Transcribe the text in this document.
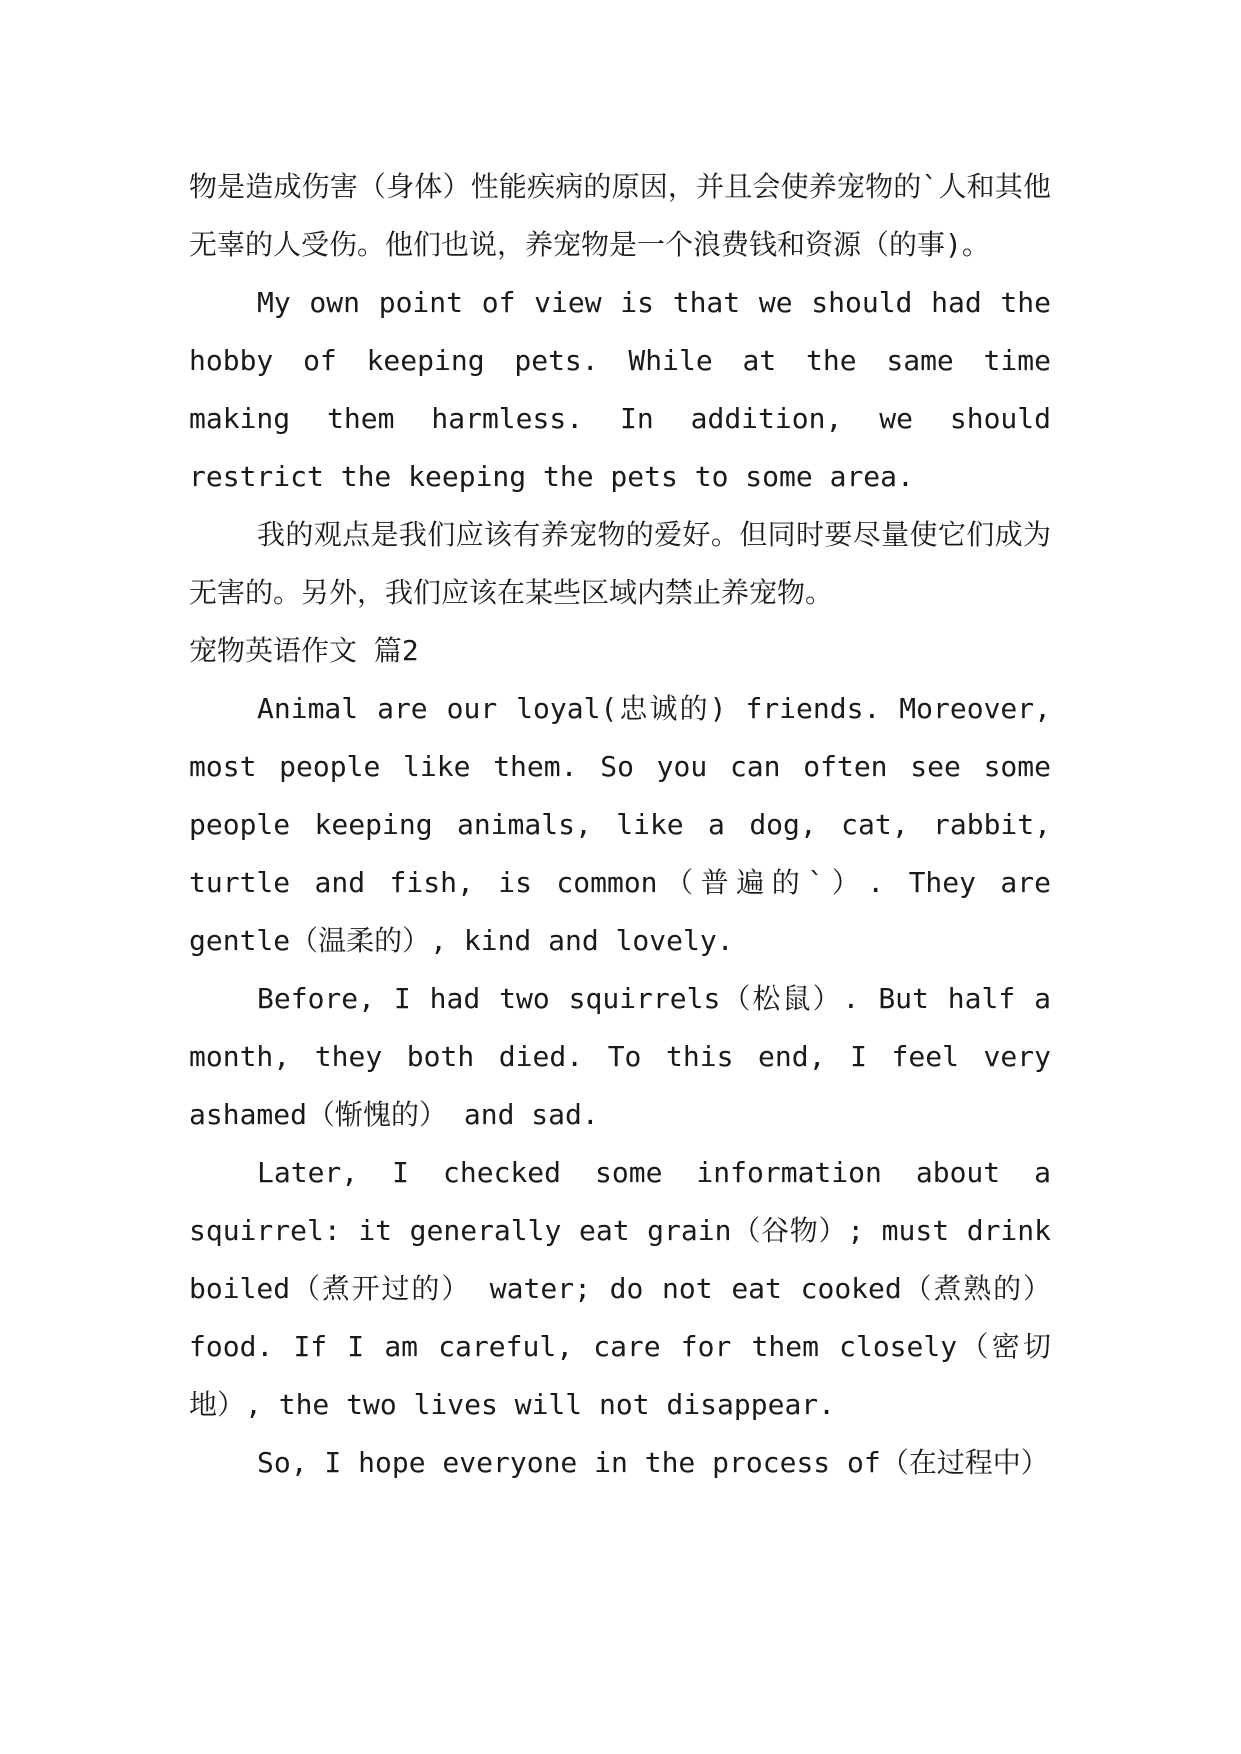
物是造成伤害（身体）性能疾病的原因，并且会使养宠物的`人和其他无辜的人受伤。他们也说，养宠物是一个浪费钱和资源（的事)。

My own point of view is that we should had the hobby of keeping pets. While at the same time making them harmless. In addition, we should restrict the keeping the pets to some area.

我的观点是我们应该有养宠物的爱好。但同时要尽量使它们成为无害的。另外，我们应该在某些区域内禁止养宠物。

宠物英语作文 篇2

Animal are our loyal(忠诚的) friends. Moreover, most people like them. So you can often see some people keeping animals, like a dog, cat, rabbit, turtle and fish, is common（普遍的`）. They are gentle（温柔的）, kind and lovely.

Before, I had two squirrels（松鼠）. But half a month, they both died. To this end, I feel very ashamed（惭愧的） and sad.

Later, I checked some information about a squirrel: it generally eat grain（谷物）; must drink boiled（煮开过的） water; do not eat cooked（煮熟的） food. If I am careful, care for them closely（密切地）, the two lives will not disappear.

So, I hope everyone in the process of（在过程中）
